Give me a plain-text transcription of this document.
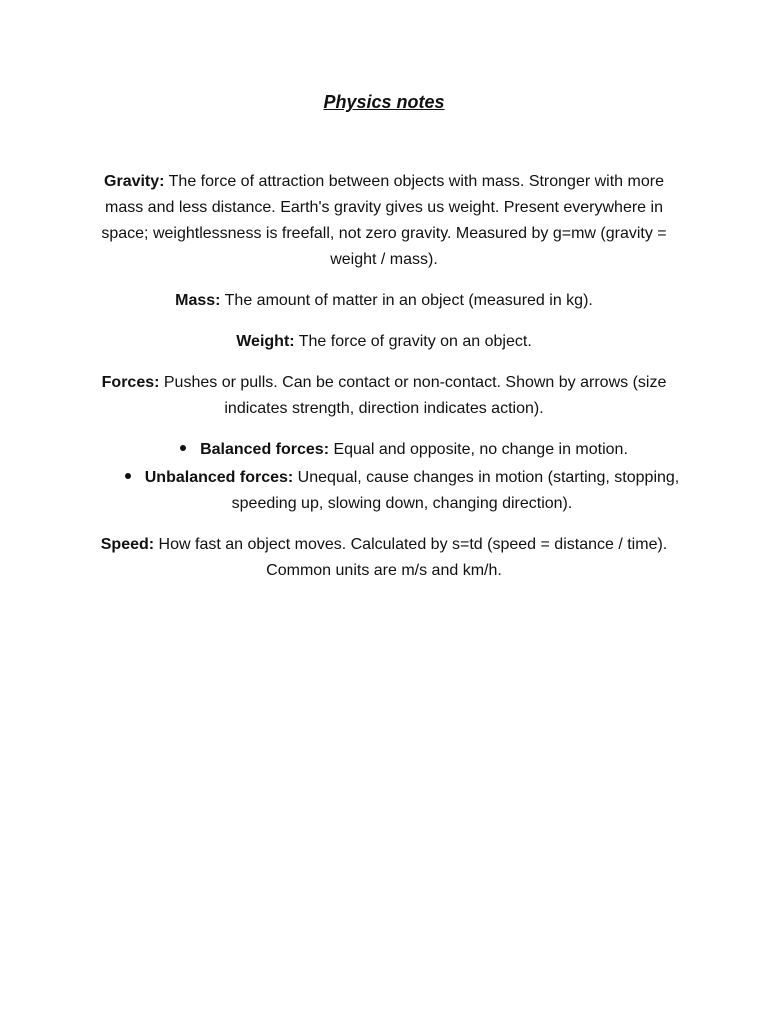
Physics notes

Gravity: The force of attraction between objects with mass. Stronger with more mass and less distance. Earth's gravity gives us weight. Present everywhere in space; weightlessness is freefall, not zero gravity. Measured by g=mw (gravity = weight / mass).

Mass: The amount of matter in an object (measured in kg).

Weight: The force of gravity on an object.

Forces: Pushes or pulls. Can be contact or non-contact. Shown by arrows (size indicates strength, direction indicates action).

Balanced forces: Equal and opposite, no change in motion.
Unbalanced forces: Unequal, cause changes in motion (starting, stopping, speeding up, slowing down, changing direction).

Speed: How fast an object moves. Calculated by s=td (speed = distance / time). Common units are m/s and km/h.
